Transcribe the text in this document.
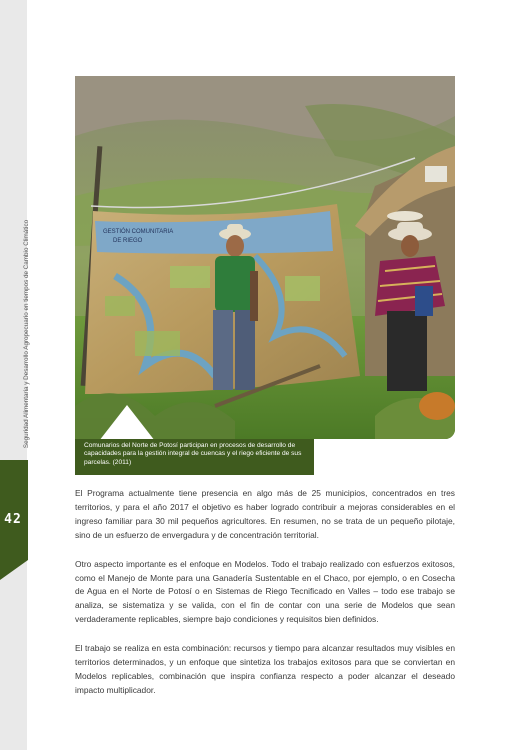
Seguridad Alimentaria y Desarrollo Agropecuario en tiempos de Cambio Climático
42
GESTIÓN COMUNITARIA
DE RIEGO
Comunarios del Norte de Potosí participan en procesos de desarrollo de capacidades para la gestión integral de cuencas y el riego eficiente de sus parcelas. (2011)

El Programa actualmente tiene presencia en algo más de 25 municipios, concentrados en tres territorios, y para el año 2017 el objetivo es haber logrado contribuir a mejoras considerables en el ingreso familiar para 30 mil pequeños agricultores. En resumen, no se trata de un pequeño pilotaje, sino de un esfuerzo de envergadura y de concentración territorial.

Otro aspecto importante es el enfoque en Modelos. Todo el trabajo realizado con esfuerzos exitosos, como el Manejo de Monte para una Ganadería Sustentable en el Chaco, por ejemplo, o en Cosecha de Agua en el Norte de Potosí o en Sistemas de Riego Tecnificado en Valles – todo ese trabajo se analiza, se sistematiza y se valida, con el fin de contar con una serie de Modelos que sean verdaderamente replicables, siempre bajo condiciones y requisitos bien definidos.

El trabajo se realiza en esta combinación: recursos y tiempo para alcanzar resultados muy visibles en territorios determinados, y un enfoque que sintetiza los trabajos exitosos para que se conviertan en Modelos replicables, combinación que inspira confianza respecto a poder alcanzar el deseado impacto multiplicador.
